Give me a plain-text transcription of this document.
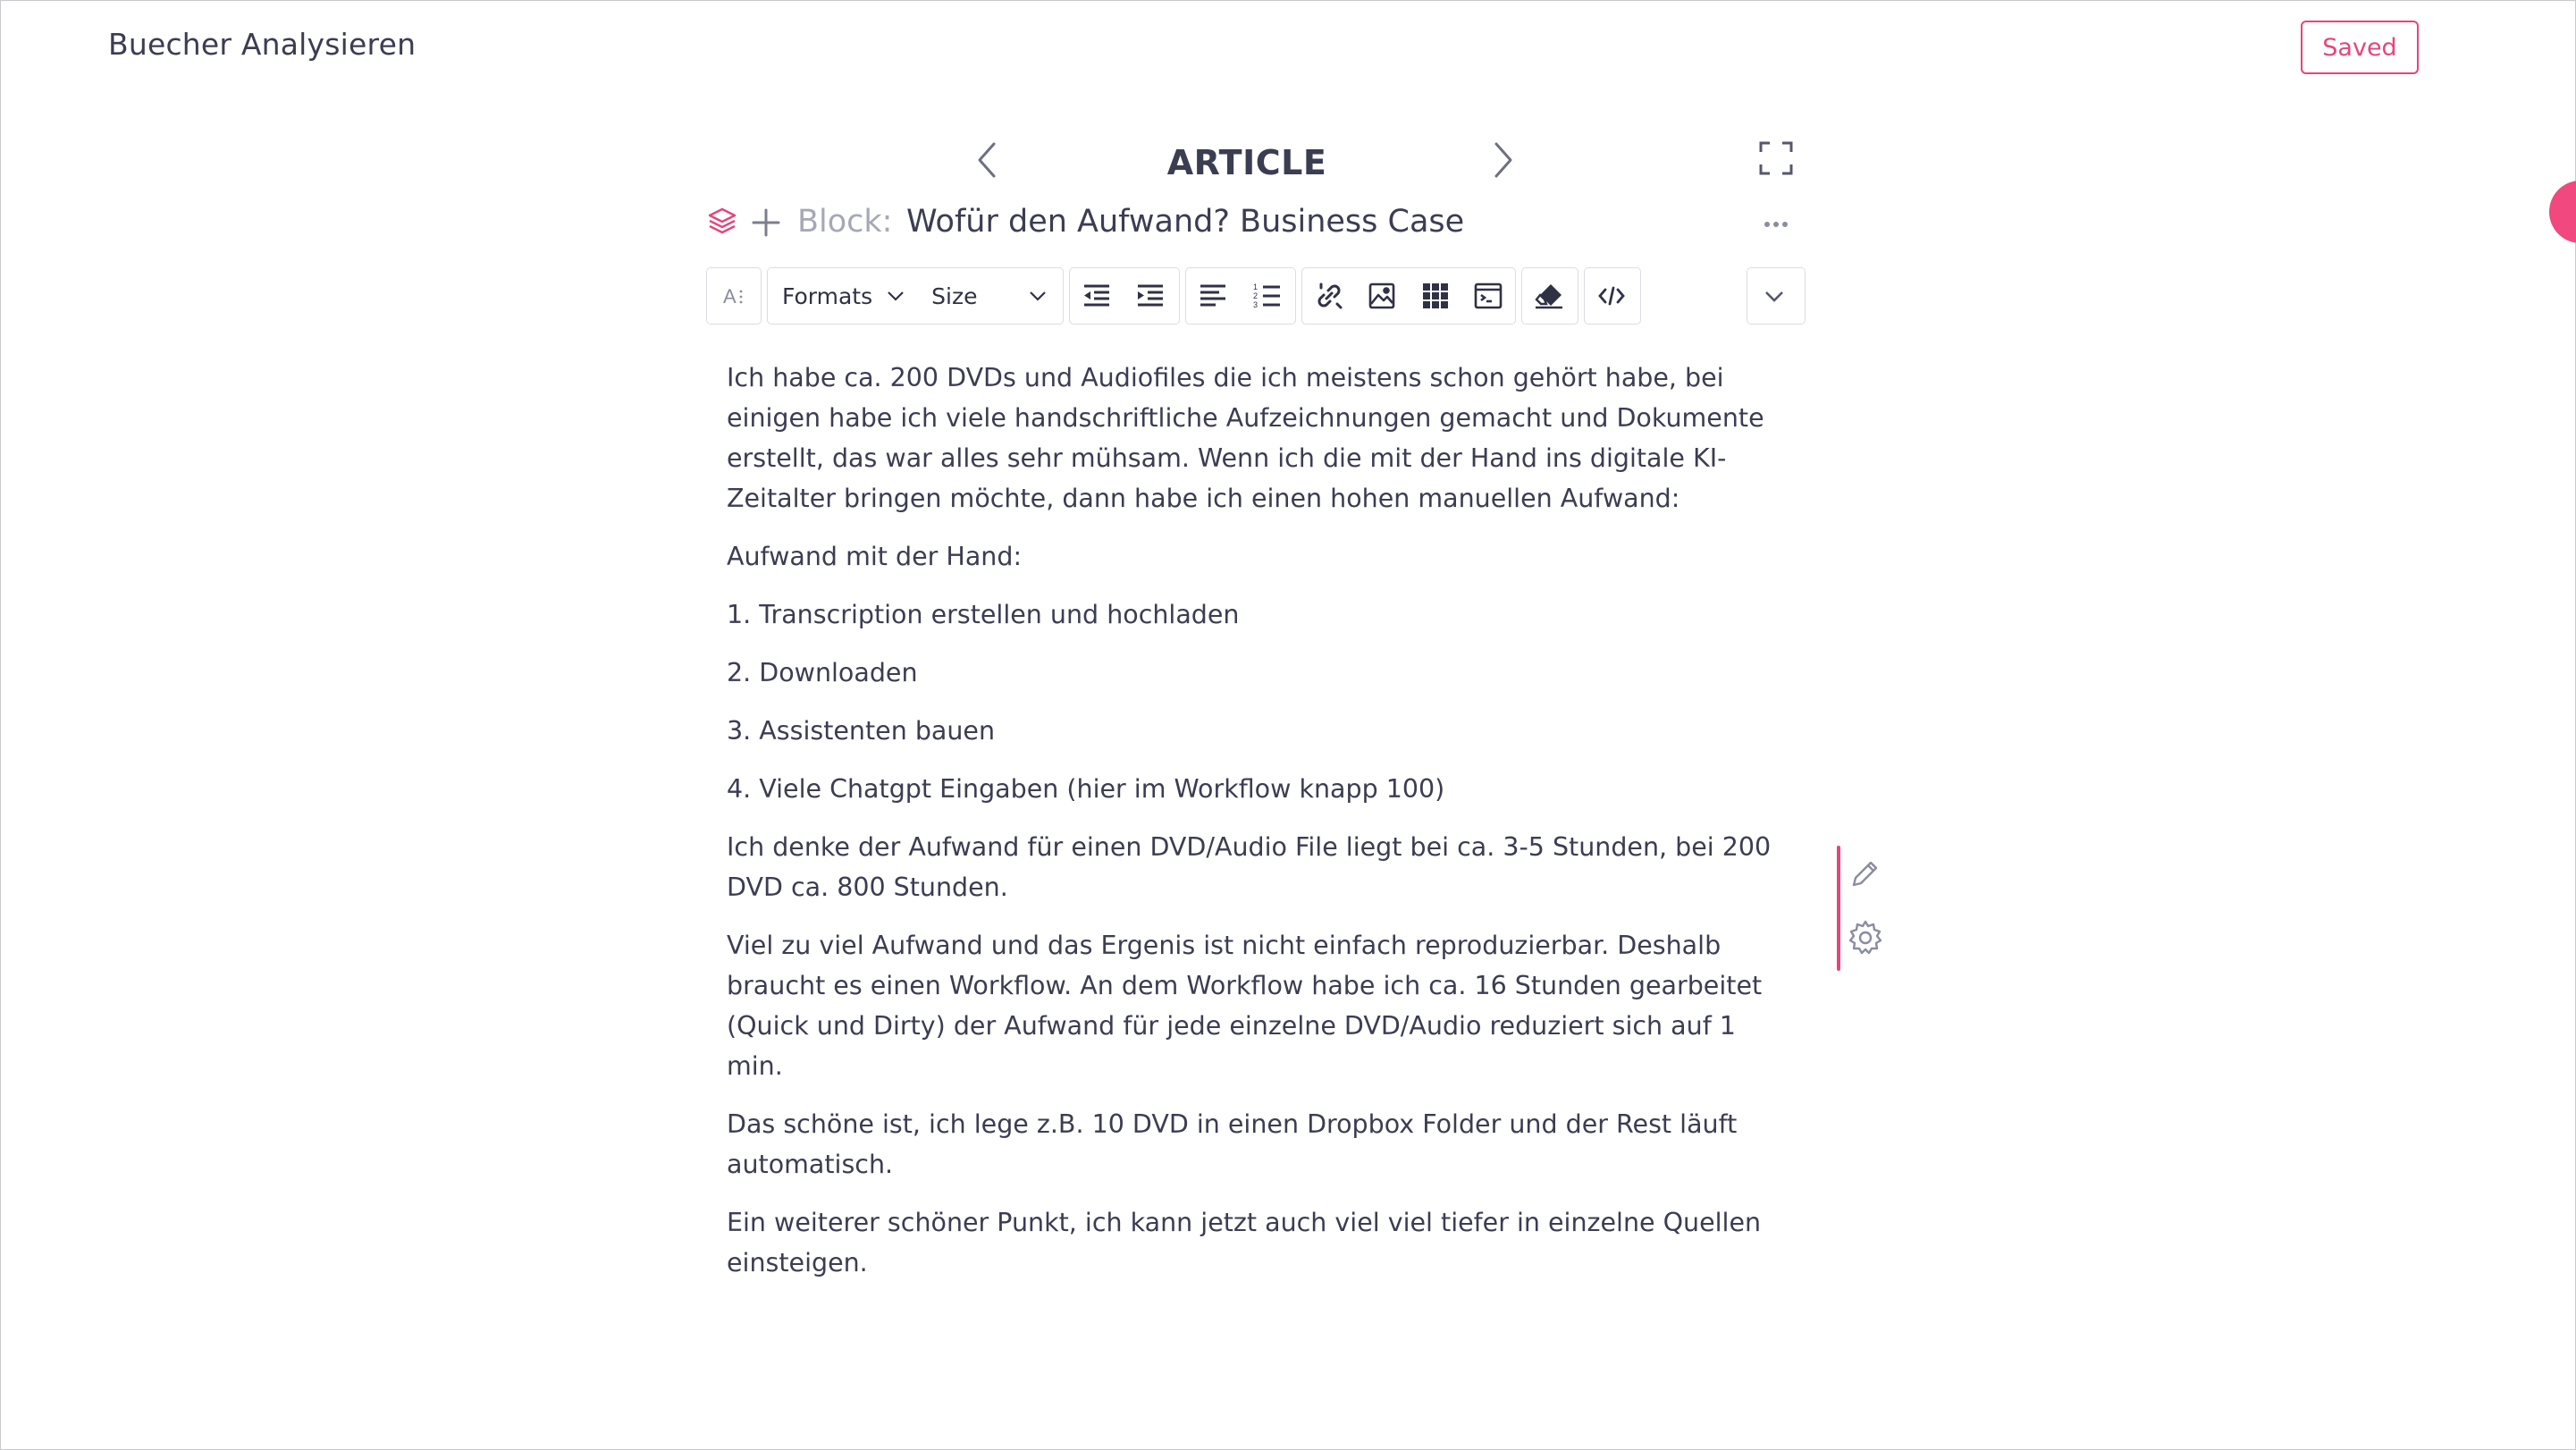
Buecher Analysieren	Saved
ARTICLE
Block: Wofür den Aufwand? Business Case
A Formats	Size	1
2
3

Ich habe ca. 200 DVDs und Audiofiles die ich meistens schon gehört habe, bei einigen habe ich viele handschriftliche Aufzeichnungen gemacht und Dokumente erstellt, das war alles sehr mühsam. Wenn ich die mit der Hand ins digitale KI-Zeitalter bringen möchte, dann habe ich einen hohen manuellen Aufwand:

Aufwand mit der Hand:

1. Transcription erstellen und hochladen

2. Downloaden

3. Assistenten bauen

4. Viele Chatgpt Eingaben (hier im Workflow knapp 100)

Ich denke der Aufwand für einen DVD/Audio File liegt bei ca. 3-5 Stunden, bei 200 DVD ca. 800 Stunden.

Viel zu viel Aufwand und das Ergenis ist nicht einfach reproduzierbar. Deshalb braucht es einen Workflow. An dem Workflow habe ich ca. 16 Stunden gearbeitet (Quick und Dirty) der Aufwand für jede einzelne DVD/Audio reduziert sich auf 1 min.

Das schöne ist, ich lege z.B. 10 DVD in einen Dropbox Folder und der Rest läuft automatisch.

Ein weiterer schöner Punkt, ich kann jetzt auch viel viel tiefer in einzelne Quellen einsteigen.
